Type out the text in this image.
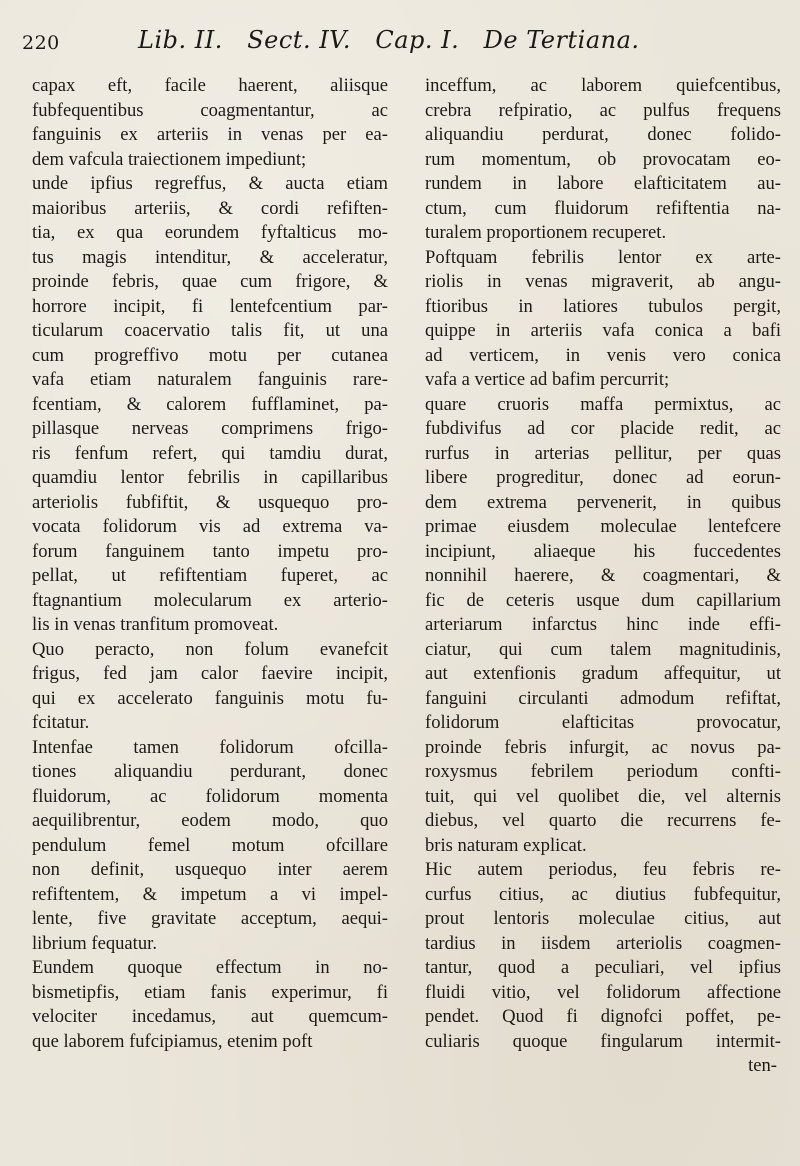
220	Lib. II.   Sect. IV.   Cap. I.   De Tertiana.
capax eft, facile haerent, aliisque
fubfequentibus coagmentantur, ac
fanguinis ex arteriis in venas per ea-
dem vafcula traiectionem impediunt;
unde ipfius regreffus, & aucta etiam
maioribus arteriis, & cordi refiften-
tia, ex qua eorundem fyftalticus mo-
tus magis intenditur, & acceleratur,
proinde febris, quae cum frigore, &
horrore incipit, fi lentefcentium par-
ticularum coacervatio talis fit, ut una
cum progreffivo motu per cutanea
vafa etiam naturalem fanguinis rare-
fcentiam, & calorem fufflaminet, pa-
pillasque nerveas comprimens frigo-
ris fenfum refert, qui tamdiu durat,
quamdiu lentor febrilis in capillaribus
arteriolis fubfiftit, & usquequo pro-
vocata folidorum vis ad extrema va-
forum fanguinem tanto impetu pro-
pellat, ut refiftentiam fuperet, ac
ftagnantium molecularum ex arterio-
lis in venas tranfitum promoveat.
Quo peracto, non folum evanefcit
frigus, fed jam calor faevire incipit,
qui ex accelerato fanguinis motu fu-
fcitatur.
Intenfae tamen folidorum ofcilla-
tiones aliquandiu perdurant, donec
fluidorum, ac folidorum momenta
aequilibrentur, eodem modo, quo
pendulum femel motum ofcillare
non definit, usquequo inter aerem
refiftentem, & impetum a vi impel-
lente, five gravitate acceptum, aequi-
librium fequatur.
Eundem quoque effectum in no-
bismetipfis, etiam fanis experimur, fi
velociter incedamus, aut quemcum-
que laborem fufcipiamus, etenim poft
inceffum, ac laborem quiefcentibus,
crebra refpiratio, ac pulfus frequens
aliquandiu perdurat, donec folido-
rum momentum, ob provocatam eo-
rundem in labore elafticitatem au-
ctum, cum fluidorum refiftentia na-
turalem proportionem recuperet.
Poftquam febrilis lentor ex arte-
riolis in venas migraverit, ab angu-
ftioribus in latiores tubulos pergit,
quippe in arteriis vafa conica a bafi
ad verticem, in venis vero conica
vafa a vertice ad bafim percurrit;
quare cruoris maffa permixtus, ac
fubdivifus ad cor placide redit, ac
rurfus in arterias pellitur, per quas
libere progreditur, donec ad eorun-
dem extrema pervenerit, in quibus
primae eiusdem moleculae lentefcere
incipiunt, aliaeque his fuccedentes
nonnihil haerere, & coagmentari, &
fic de ceteris usque dum capillarium
arteriarum infarctus hinc inde effi-
ciatur, qui cum talem magnitudinis,
aut extenfionis gradum affequitur, ut
fanguini circulanti admodum refiftat,
folidorum elafticitas provocatur,
proinde febris infurgit, ac novus pa-
roxysmus febrilem periodum confti-
tuit, qui vel quolibet die, vel alternis
diebus, vel quarto die recurrens fe-
bris naturam explicat.
Hic autem periodus, feu febris re-
curfus citius, ac diutius fubfequitur,
prout lentoris moleculae citius, aut
tardius in iisdem arteriolis coagmen-
tantur, quod a peculiari, vel ipfius
fluidi vitio, vel folidorum affectione
pendet. Quod fi dignofci poffet, pe-
culiaris quoque fingularum intermit-
ten-
